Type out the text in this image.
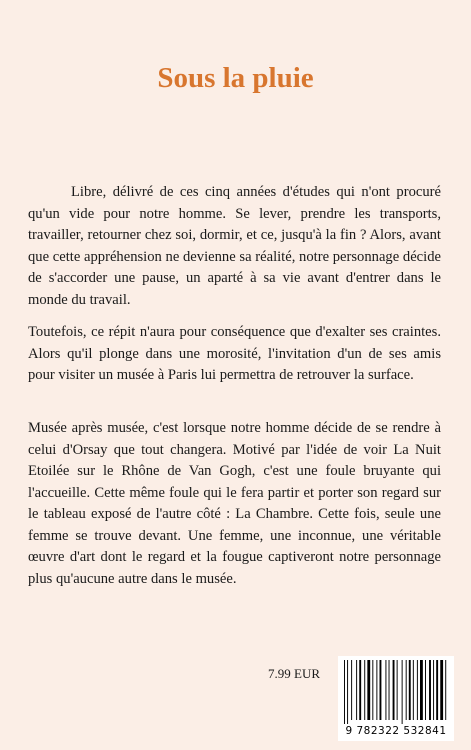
Sous la pluie

Libre, délivré de ces cinq années d'études qui n'ont procuré qu'un vide pour notre homme. Se lever, prendre les transports, travailler, retourner chez soi, dormir, et ce, jusqu'à la fin ? Alors, avant que cette appréhension ne devienne sa réalité, notre personnage décide de s'accorder une pause, un aparté à sa vie avant d'entrer dans le monde du travail.

Toutefois, ce répit n'aura pour conséquence que d'exalter ses craintes. Alors qu'il plonge dans une morosité, l'invitation d'un de ses amis pour visiter un musée à Paris lui permettra de retrouver la surface.

Musée après musée, c'est lorsque notre homme décide de se rendre à celui d'Orsay que tout changera. Motivé par l'idée de voir La Nuit Etoilée sur le Rhône de Van Gogh, c'est une foule bruyante qui l'accueille. Cette même foule qui le fera partir et porter son regard sur le tableau exposé de l'autre côté : La Chambre. Cette fois, seule une femme se trouve devant. Une femme, une inconnue, une véritable œuvre d'art dont le regard et la fougue captiveront notre personnage plus qu'aucune autre dans le musée.

7.99 EUR
9 782322 532841
